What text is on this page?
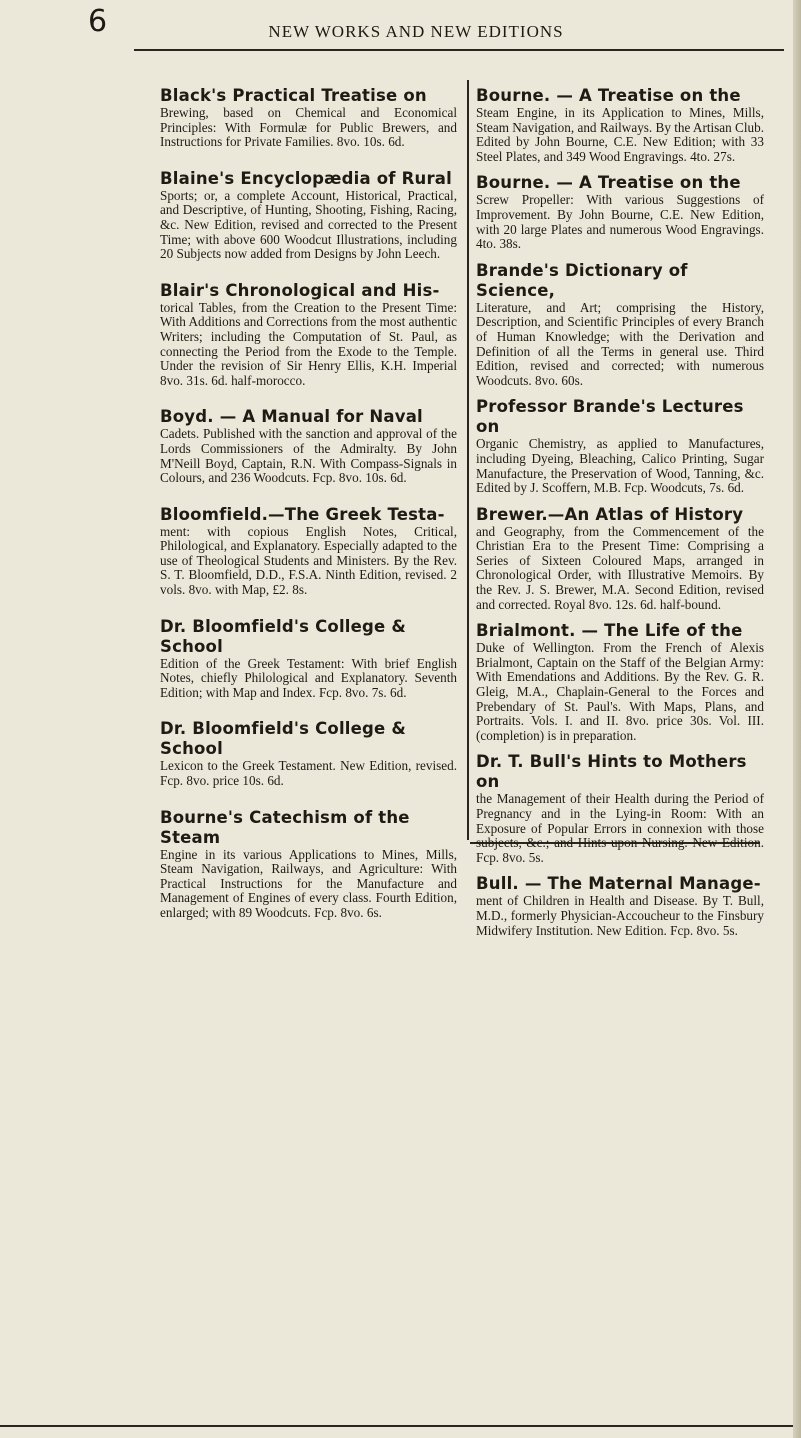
6	NEW WORKS AND NEW EDITIONS
Black's Practical Treatise on
Brewing, based on Chemical and Economical Principles: With Formulæ for Public Brewers, and Instructions for Private Families. 8vo. 10s. 6d.
Blaine's Encyclopædia of Rural
Sports; or, a complete Account, Historical, Practical, and Descriptive, of Hunting, Shooting, Fishing, Racing, &c. New Edition, revised and corrected to the Present Time; with above 600 Woodcut Illustrations, including 20 Subjects now added from Designs by John Leech.
Blair's Chronological and His-
torical Tables, from the Creation to the Present Time: With Additions and Corrections from the most authentic Writers; including the Computation of St. Paul, as connecting the Period from the Exode to the Temple. Under the revision of Sir Henry Ellis, K.H. Imperial 8vo. 31s. 6d. half-morocco.
Boyd. — A Manual for Naval
Cadets. Published with the sanction and approval of the Lords Commissioners of the Admiralty. By John M'Neill Boyd, Captain, R.N. With Compass-Signals in Colours, and 236 Woodcuts. Fcp. 8vo. 10s. 6d.
Bloomfield.—The Greek Testa-
ment: with copious English Notes, Critical, Philological, and Explanatory. Especially adapted to the use of Theological Students and Ministers. By the Rev. S. T. Bloomfield, D.D., F.S.A. Ninth Edition, revised. 2 vols. 8vo. with Map, £2. 8s.
Dr. Bloomfield's College & School
Edition of the Greek Testament: With brief English Notes, chiefly Philological and Explanatory. Seventh Edition; with Map and Index. Fcp. 8vo. 7s. 6d.
Dr. Bloomfield's College & School
Lexicon to the Greek Testament. New Edition, revised. Fcp. 8vo. price 10s. 6d.
Bourne's Catechism of the Steam
Engine in its various Applications to Mines, Mills, Steam Navigation, Railways, and Agriculture: With Practical Instructions for the Manufacture and Management of Engines of every class. Fourth Edition, enlarged; with 89 Woodcuts. Fcp. 8vo. 6s.
Bourne. — A Treatise on the
Steam Engine, in its Application to Mines, Mills, Steam Navigation, and Railways. By the Artisan Club. Edited by John Bourne, C.E. New Edition; with 33 Steel Plates, and 349 Wood Engravings. 4to. 27s.
Bourne. — A Treatise on the
Screw Propeller: With various Suggestions of Improvement. By John Bourne, C.E. New Edition, with 20 large Plates and numerous Wood Engravings. 4to. 38s.
Brande's Dictionary of Science,
Literature, and Art; comprising the History, Description, and Scientific Principles of every Branch of Human Knowledge; with the Derivation and Definition of all the Terms in general use. Third Edition, revised and corrected; with numerous Woodcuts. 8vo. 60s.
Professor Brande's Lectures on
Organic Chemistry, as applied to Manufactures, including Dyeing, Bleaching, Calico Printing, Sugar Manufacture, the Preservation of Wood, Tanning, &c. Edited by J. Scoffern, M.B. Fcp. Woodcuts, 7s. 6d.
Brewer.—An Atlas of History
and Geography, from the Commencement of the Christian Era to the Present Time: Comprising a Series of Sixteen Coloured Maps, arranged in Chronological Order, with Illustrative Memoirs. By the Rev. J. S. Brewer, M.A. Second Edition, revised and corrected. Royal 8vo. 12s. 6d. half-bound.
Brialmont. — The Life of the
Duke of Wellington. From the French of Alexis Brialmont, Captain on the Staff of the Belgian Army: With Emendations and Additions. By the Rev. G. R. Gleig, M.A., Chaplain-General to the Forces and Prebendary of St. Paul's. With Maps, Plans, and Portraits. Vols. I. and II. 8vo. price 30s. Vol. III. (completion) is in preparation.
Dr. T. Bull's Hints to Mothers on
the Management of their Health during the Period of Pregnancy and in the Lying-in Room: With an Exposure of Popular Errors in connexion with those subjects, &c.; and Hints upon Nursing. New Edition. Fcp. 8vo. 5s.
Bull. — The Maternal Manage-
ment of Children in Health and Disease. By T. Bull, M.D., formerly Physician-Accoucheur to the Finsbury Midwifery Institution. New Edition. Fcp. 8vo. 5s.
